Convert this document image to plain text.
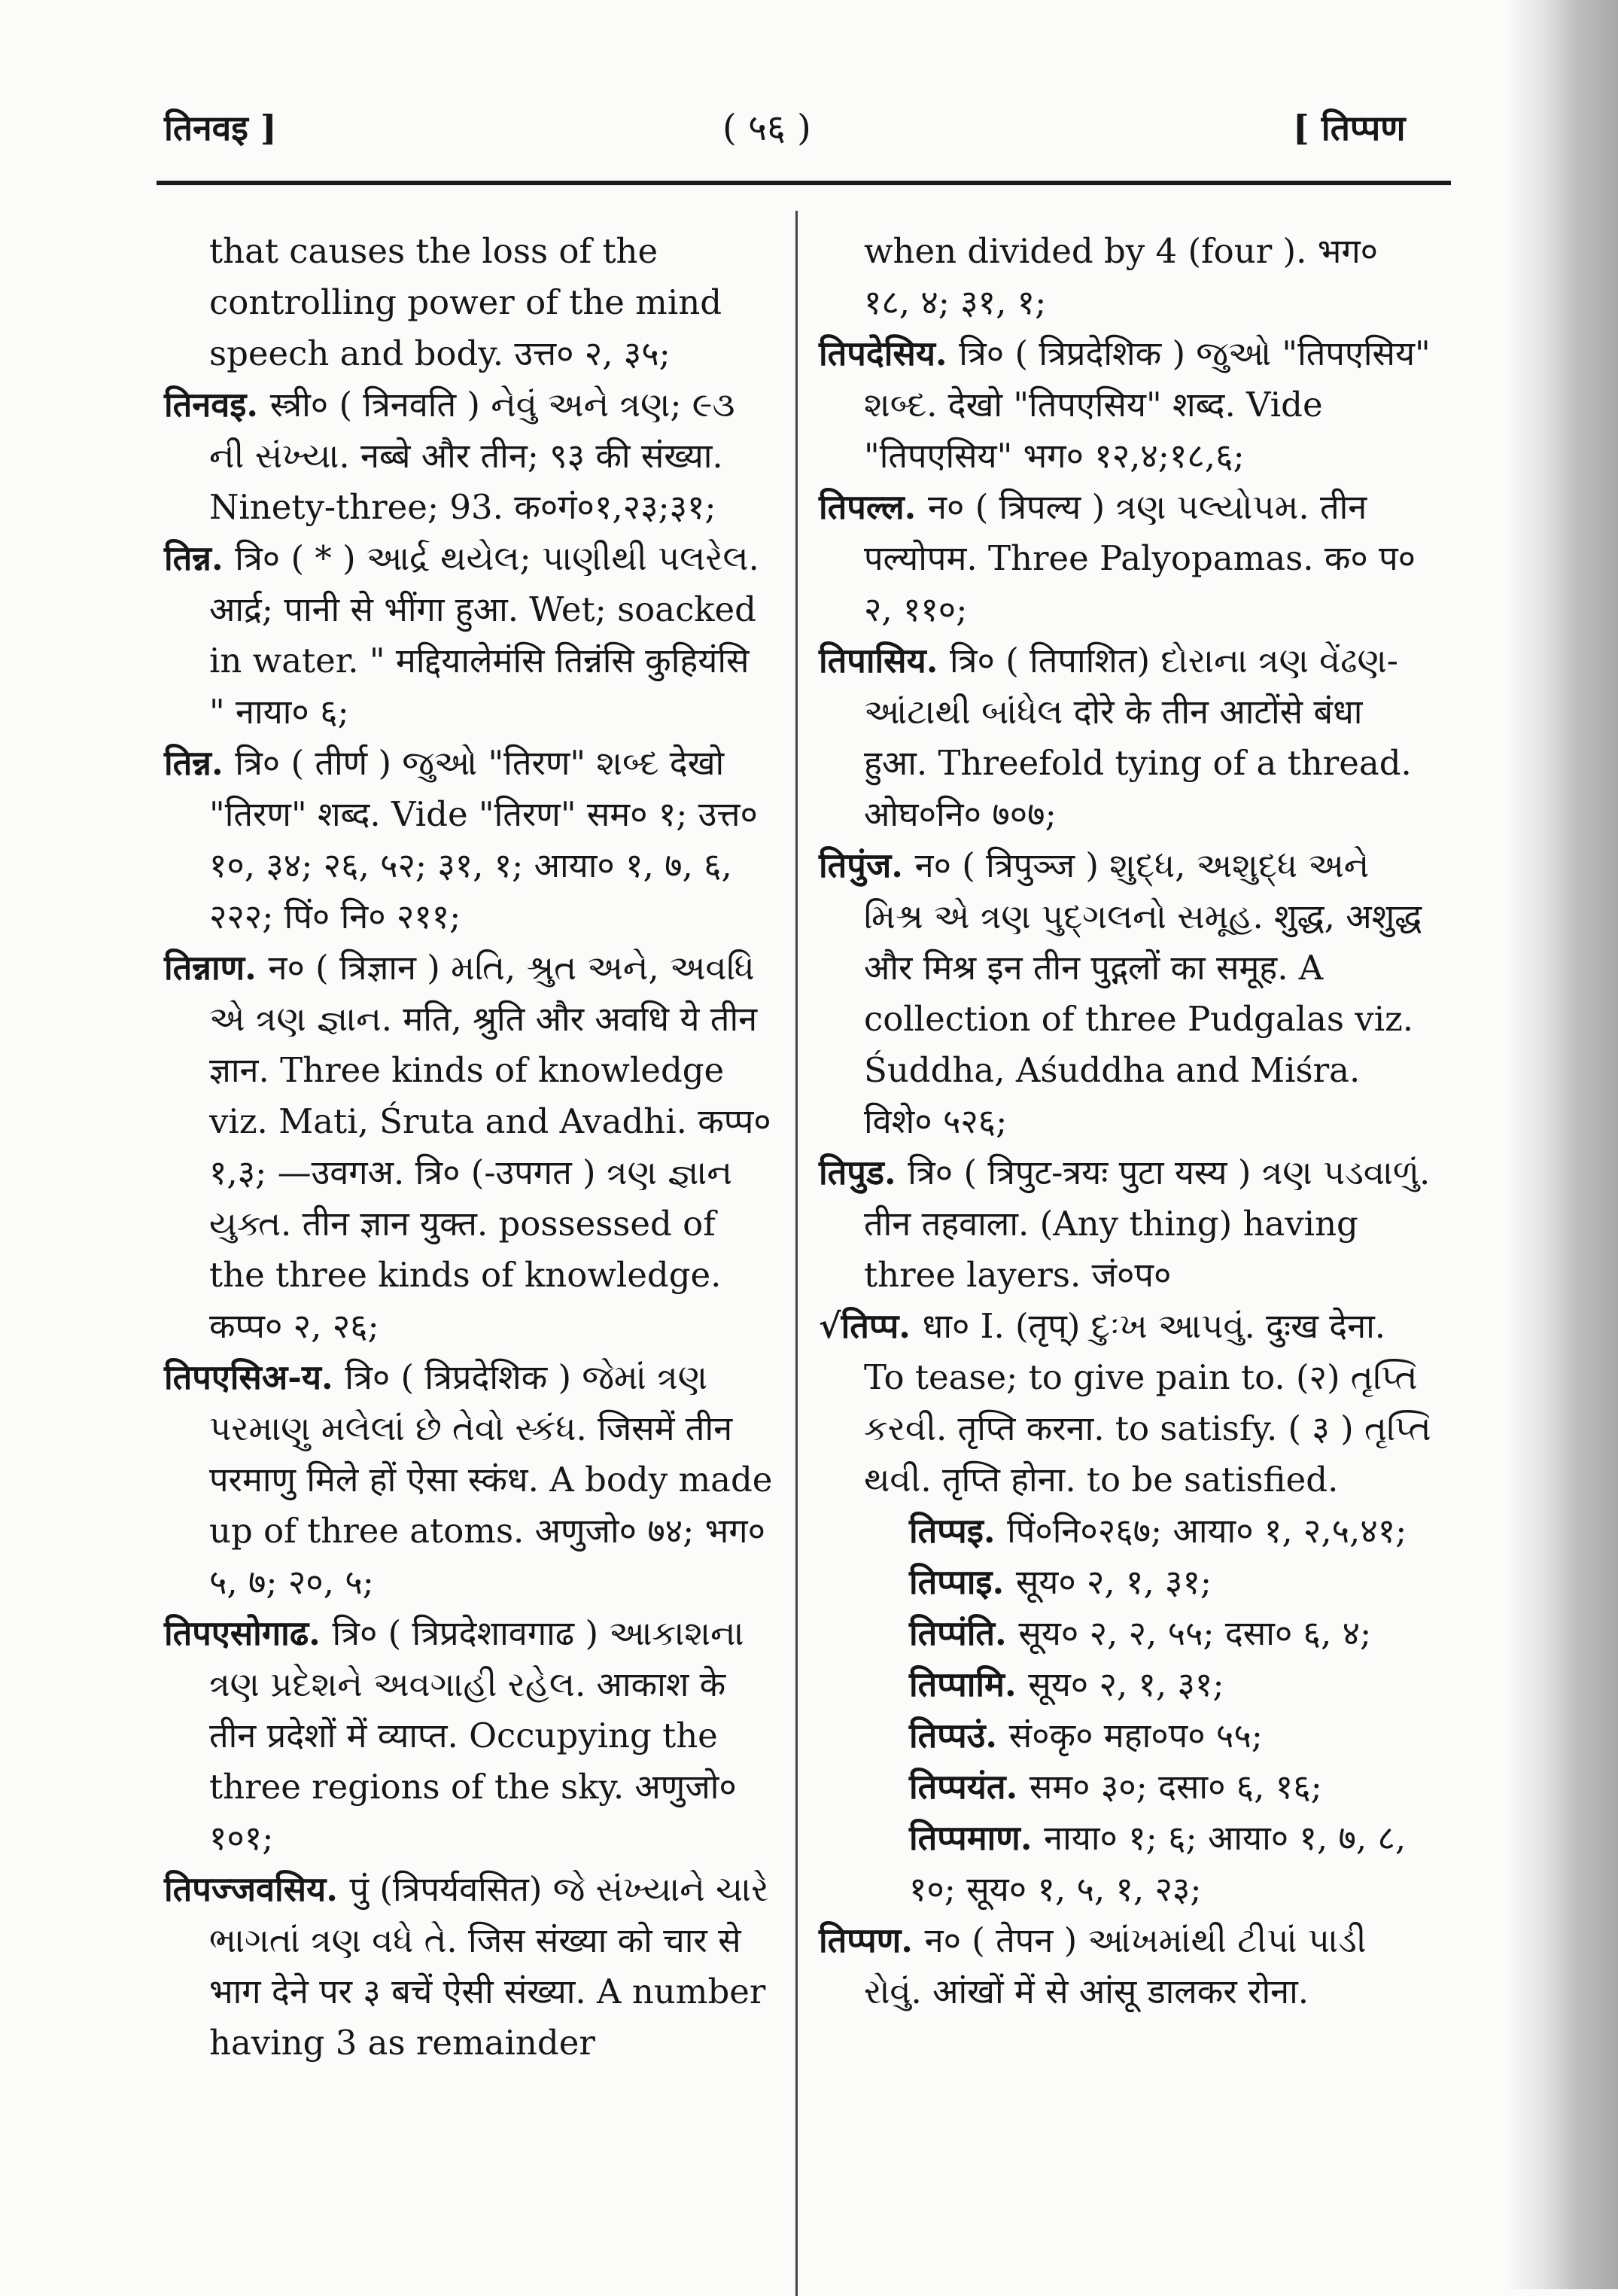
तिनवइ ]	( ५६ )	[ तिप्पण
that causes the loss of the controlling power of the mind speech and body. उत्त० २, ३५;
तिनवइ. स्त्री० ( त्रिनवति ) નેવું અને ત્રણ; ૯૩ ની સંખ્યા. नब्बे और तीन; ९३ की संख्या. Ninety-three; 93. क०गं०१,२३;३१;
तिन्न. त्रि० ( * ) આર્દ્ર થયેલ; પાણીથી પલરેલ. आर्द्र; पानी से भींगा हुआ. Wet; soacked in water. " मद्दियालेमंसि तिन्नंसि कुहियंसि " नाया० ६;
तिन्न. त्रि० ( तीर्ण ) જુઓ "तिरण" શબ્દ देखो "तिरण" शब्द. Vide "तिरण" सम० १; उत्त० १०, ३४; २६, ५२; ३१, १; आया० १, ७, ६, २२२; पिं० नि० २११;
तिन्नाण. न० ( त्रिज्ञान ) મતિ, શ્રુત અને, અવધિ એ ત્રણ જ્ઞાન. मति, श्रुति और अवधि ये तीन ज्ञान. Three kinds of knowledge viz. Mati, Śruta and Avadhi. कप्प० १,३; —उवगअ. त्रि० (-उपगत ) ત્રણ જ્ઞાન યુક્ત. तीन ज्ञान युक्त. possessed of the three kinds of knowledge. कप्प० २, २६;
तिपएसिअ-य. त्रि० ( त्रिप्रदेशिक ) જેમાં ત્રણ પરમાણુ મલેલાં છે તેવો સ્કંધ. जिसमें तीन परमाणु मिले हों ऐसा स्कंध. A body made up of three atoms. अणुजो० ७४; भग० ५, ७; २०, ५;
तिपएसोगाढ. त्रि० ( त्रिप्रदेशावगाढ ) આકાશના ત્રણ પ્રદેશને અવગાહી રહેલ. आकाश के तीन प्रदेशों में व्याप्त. Occupying the three regions of the sky. अणुजो० १०१;
तिपज्जवसिय. पुं (त्रिपर्यवसित) જે સંખ્યાને ચારે ભાગતાં ત્રણ વધે તે. जिस संख्या को चार से भाग देने पर ३ बचें ऐसी संख्या. A number having 3 as remainder
when divided by 4 (four ). भग० १८, ४; ३१, १;
तिपदेसिय. त्रि० ( त्रिप्रदेशिक ) જુઓ "तिपएसिय" શબ્દ. देखो "तिपएसिय" शब्द. Vide "तिपएसिय" भग० १२,४;१८,६;
तिपल्ल. न० ( त्रिपल्य ) ત્રણ પલ્યોપમ. तीन पल्योपम. Three Palyopamas. क० प० २, ११०;
तिपासिय. त्रि० ( तिपाशित) દોરાના ત્રણ વેંઢણ-આંટાથી બાંધેલ दोरे के तीन आटोंसे बंधा हुआ. Threefold tying of a thread. ओघ०नि० ७०७;
तिपुंज. न० ( त्रिपुञ्ज ) શુદ્ધ, અશુદ્ધ અને મિશ્ર એ ત્રણ પુદ્ગલનો સમૂહ. शुद्ध, अशुद्ध और मिश्र इन तीन पुद्गलों का समूह. A collection of three Pudgalas viz. Śuddha, Aśuddha and Miśra. विशे० ५२६;
तिपुड. त्रि० ( त्रिपुट-त्रयः पुटा यस्य ) ત્રણ પડવાળું. तीन तहवाला. (Any thing) having three layers. जं०प०
√तिप्प. धा० I. (तृप्) દુઃખ આપવું. दुःख देना. To tease; to give pain to. (२) તૃપ્તિ કરવી. तृप्ति करना. to satisfy. ( ३ ) તૃપ્તિ થવી. तृप्ति होना. to be satisfied.
तिप्पइ. पिं०नि०२६७; आया० १, २,५,४१;
तिप्पाइ. सूय० २, १, ३१;
तिप्पंति. सूय० २, २, ५५; दसा० ६, ४;
तिप्पामि. सूय० २, १, ३१;
तिप्पउं. सं०कृ० महा०प० ५५;
तिप्पयंत. सम० ३०; दसा० ६, १६;
तिप्पमाण. नाया० १; ६; आया० १, ७, ८, १०; सूय० १, ५, १, २३;
तिप्पण. न० ( तेपन ) આંખમાંથી ટીપાં પાડી રોવું. आंखों में से आंसू डालकर रोना.
